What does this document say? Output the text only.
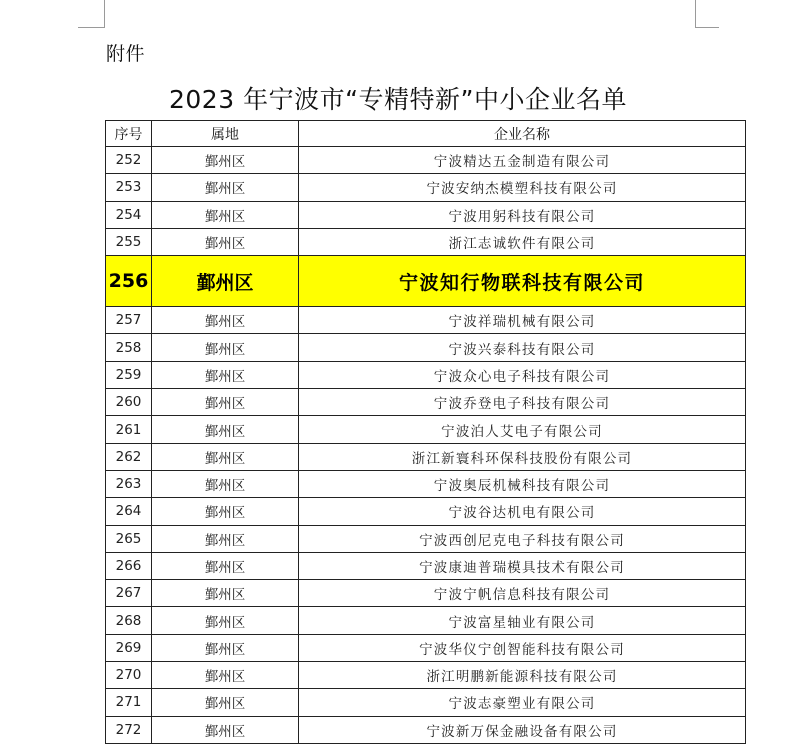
附件
2023 年宁波市“专精特新”中小企业名单
序号	属地	企业名称
252	鄞州区	宁波精达五金制造有限公司
253	鄞州区	宁波安纳杰模塑科技有限公司
254	鄞州区	宁波用躬科技有限公司
255	鄞州区	浙江志诚软件有限公司
256	鄞州区	宁波知行物联科技有限公司
257	鄞州区	宁波祥瑞机械有限公司
258	鄞州区	宁波兴泰科技有限公司
259	鄞州区	宁波众心电子科技有限公司
260	鄞州区	宁波乔登电子科技有限公司
261	鄞州区	宁波泊人艾电子有限公司
262	鄞州区	浙江新寰科环保科技股份有限公司
263	鄞州区	宁波奥辰机械科技有限公司
264	鄞州区	宁波谷达机电有限公司
265	鄞州区	宁波西创尼克电子科技有限公司
266	鄞州区	宁波康迪普瑞模具技术有限公司
267	鄞州区	宁波宁帆信息科技有限公司
268	鄞州区	宁波富星轴业有限公司
269	鄞州区	宁波华仪宁创智能科技有限公司
270	鄞州区	浙江明鹏新能源科技有限公司
271	鄞州区	宁波志豪塑业有限公司
272	鄞州区	宁波新万保金融设备有限公司
